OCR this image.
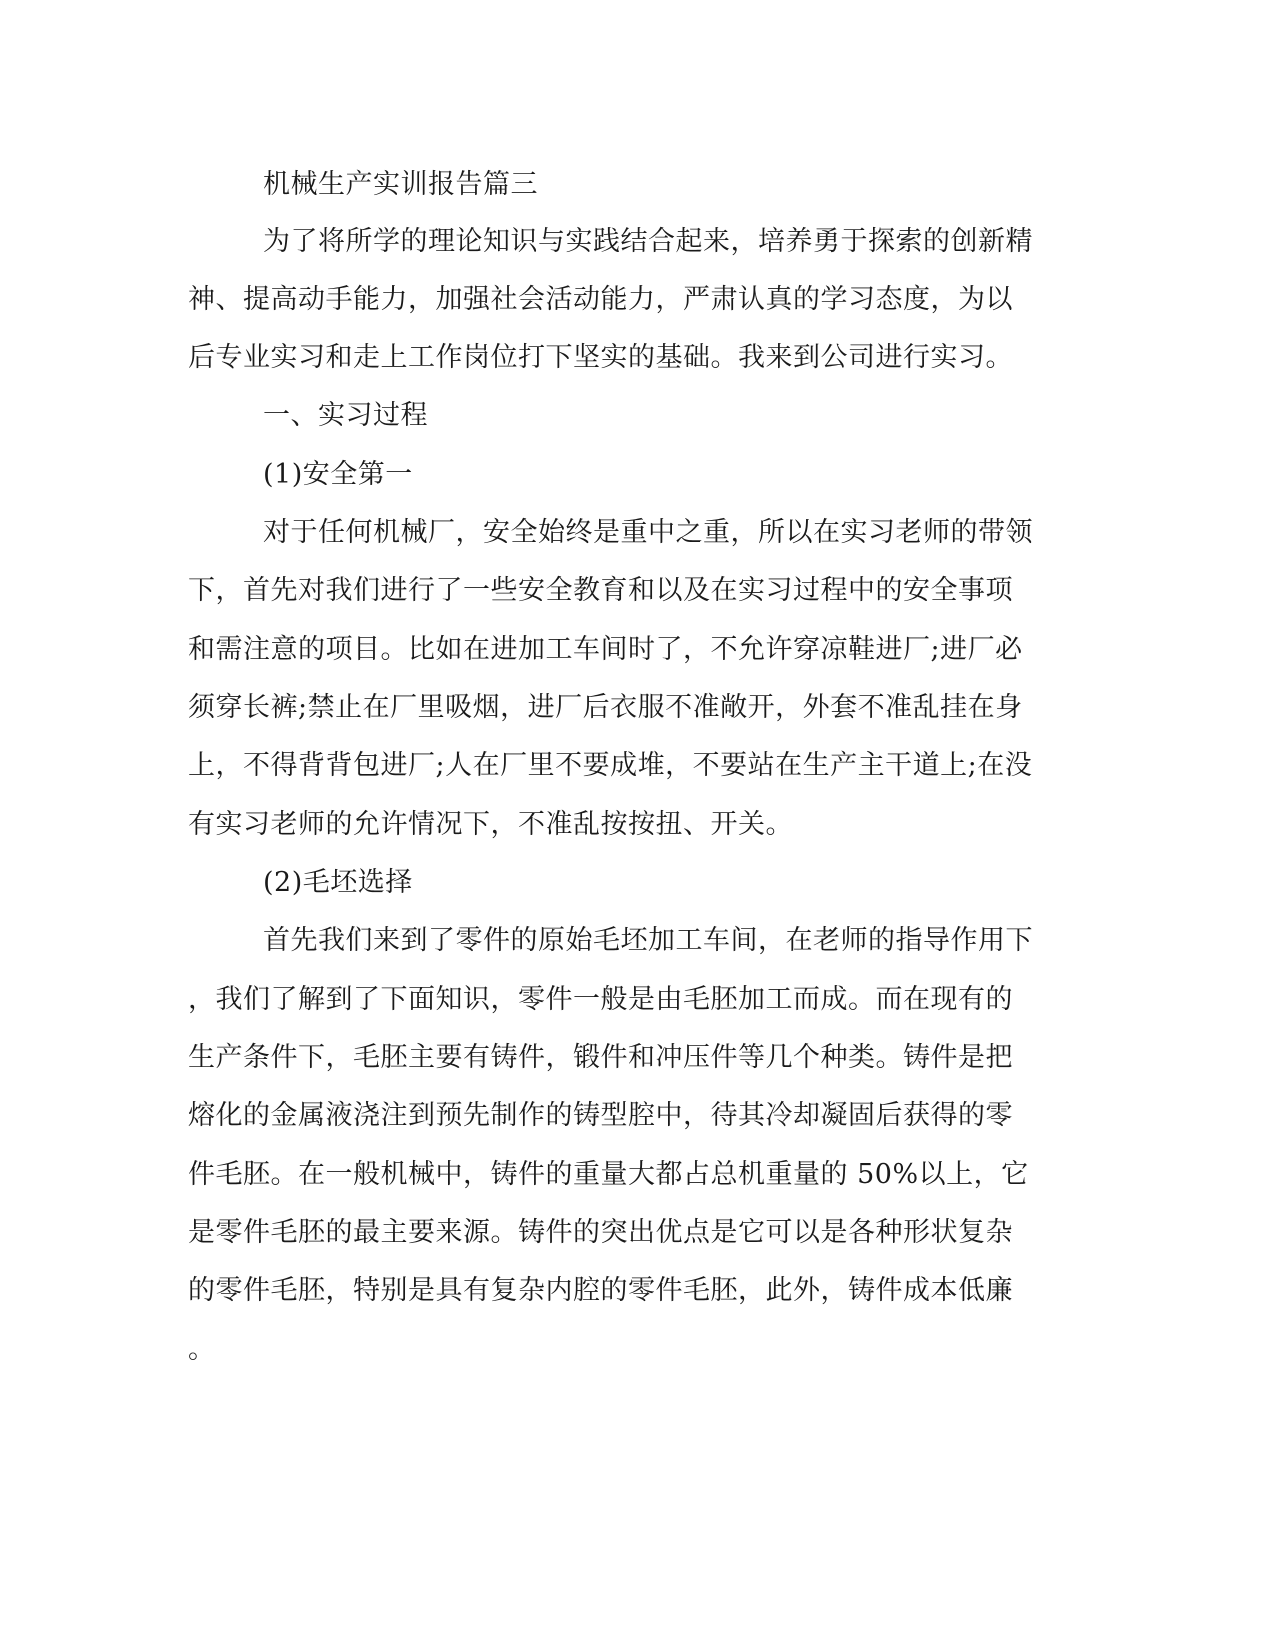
机械生产实训报告篇三
为了将所学的理论知识与实践结合起来，培养勇于探索的创新精
神、提高动手能力，加强社会活动能力，严肃认真的学习态度，为以
后专业实习和走上工作岗位打下坚实的基础。我来到公司进行实习。
一、实习过程
(1)安全第一
对于任何机械厂，安全始终是重中之重，所以在实习老师的带领
下，首先对我们进行了一些安全教育和以及在实习过程中的安全事项
和需注意的项目。比如在进加工车间时了，不允许穿凉鞋进厂;进厂必
须穿长裤;禁止在厂里吸烟，进厂后衣服不准敞开，外套不准乱挂在身
上，不得背背包进厂;人在厂里不要成堆，不要站在生产主干道上;在没
有实习老师的允许情况下，不准乱按按扭、开关。
(2)毛坯选择
首先我们来到了零件的原始毛坯加工车间，在老师的指导作用下
，我们了解到了下面知识，零件一般是由毛胚加工而成。而在现有的
生产条件下，毛胚主要有铸件，锻件和冲压件等几个种类。铸件是把
熔化的金属液浇注到预先制作的铸型腔中，待其冷却凝固后获得的零
件毛胚。在一般机械中，铸件的重量大都占总机重量的 50%以上，它
是零件毛胚的最主要来源。铸件的突出优点是它可以是各种形状复杂
的零件毛胚，特别是具有复杂内腔的零件毛胚，此外，铸件成本低廉
。
